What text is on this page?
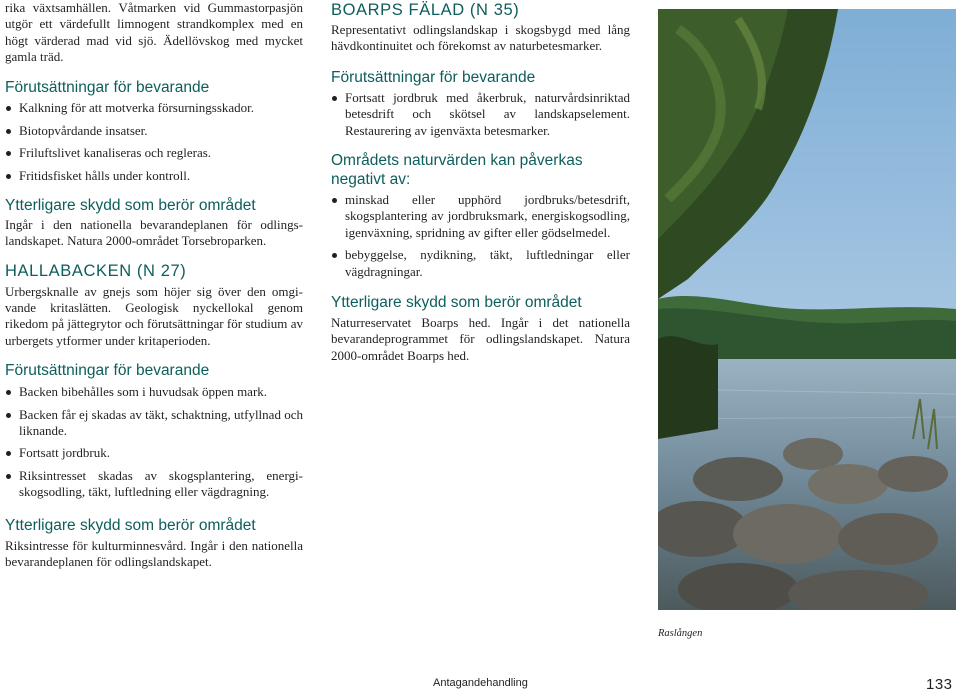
rika växtsamhällen. Våtmarken vid Gummastorpasjön utgör ett värdefullt limnogent strandkomplex med en högt värderad mad vid sjö. Ädellövskog med mycket gamla träd.

Förutsättningar för bevarande
Kalkning för att motverka försurningsskador.
Biotopvårdande insatser.
Friluftslivet kanaliseras och regleras.
Fritidsfisket hålls under kontroll.
Ytterligare skydd som berör området

Ingår i den nationella bevarandeplanen för odlingslandskapet. Natura 2000-området Torsebroparken.

HALLABACKEN (N 27)

Urbergsknalle av gnejs som höjer sig över den omgivande kritaslätten. Geologisk nyckellokal genom rikedom på jättegrytor och förutsättningar för studium av urbergets ytformer under kritaperioden.

Förutsättningar för bevarande
Backen bibehålles som i huvudsak öppen mark.
Backen får ej skadas av täkt, schaktning, utfyllnad och liknande.
Fortsatt jordbruk.
Riksintresset skadas av skogsplantering, energiskogsodling, täkt, luftledning eller vägdragning.
Ytterligare skydd som berör området

Riksintresse för kulturminnesvård. Ingår i den nationella bevarandeplanen för odlingslandskapet.

BOARPS FÄLAD (N 35)

Representativt odlingslandskap i skogsbygd med lång hävdkontinuitet och förekomst av naturbetesmarker.

Förutsättningar för bevarande
Fortsatt jordbruk med åkerbruk, naturvårdsinriktad betesdrift och skötsel av landskapselement. Restaurering av igenväxta betesmarker.
Områdets naturvärden kan påverkas negativt av:
minskad eller upphörd jordbruks/betesdrift, skogsplantering av jordbruksmark, energiskogsodling, igenväxning, spridning av gifter eller gödselmedel.
bebyggelse, nydikning, täkt, luftledningar eller vägdragningar.
Ytterligare skydd som berör området

Naturreservatet Boarps hed. Ingår i det nationella bevarandeprogrammet för odlingslandskapet. Natura 2000-området Boarps hed.

Raslången
Antagandehandling	133
